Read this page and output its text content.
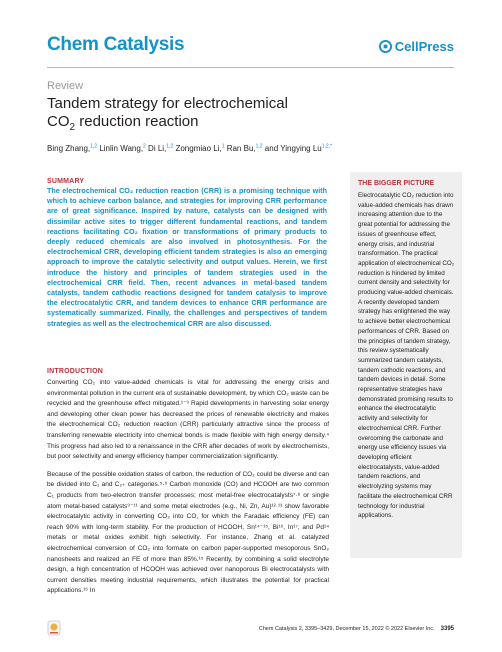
Chem Catalysis	CellPress
Review
Tandem strategy for electrochemical
$CO_2$ reduction reaction
Bing Zhang,$^{1,2}$ Linlin Wang,$^2$ Di Li,$^{1,2}$ Zongmiao Li,$^1$ Ran Bu,$^{1,2}$ and Yingying $Lu^{1,2,*}$
SUMMARY
The electrochemical CO₂ reduction reaction (CRR) is a promising technique with which to achieve carbon balance, and strategies for improving CRR performance are of great significance. Inspired by nature, catalysts can be designed with dissimilar active sites to trigger different fundamental reactions, and tandem reactions facilitating CO₂ fixation or transformations of primary products to deeply reduced chemicals are also involved in photosynthesis. For the electrochemical CRR, developing efficient tandem strategies is also an emerging approach to improve the catalytic selectivity and output values. Herein, we first introduce the history and principles of tandem strategies used in the electrochemical CRR field. Then, recent advances in metal-based tandem catalysts, tandem cathodic reactions designed for tandem catalysis to improve the electrocatalytic CRR, and tandem devices to enhance CRR performance are systematically summarized. Finally, the challenges and perspectives of tandem strategies as well as the electrochemical CRR are also discussed.
INTRODUCTION

Converting CO₂ into value-added chemicals is vital for addressing the energy crisis and environmental pollution in the current era of sustainable development, by which CO₂ waste can be recycled and the greenhouse effect mitigated.¹⁻³ Rapid developments in harvesting solar energy and developing other clean power has decreased the prices of renewable electricity and makes the electrochemical CO₂ reduction reaction (CRR) particularly attractive since the process of transferring renewable electricity into chemical bonds is made flexible with high energy density.⁴ This progress had also led to a renaissance in the CRR after decades of work by electrochemists, but poor selectivity and energy efficiency hamper commercialization significantly.

Because of the possible oxidation states of carbon, the reduction of CO₂ could be diverse and can be divided into C₁ and C₂₊ categories.⁵·⁶ Carbon monoxide (CO) and HCOOH are two common C₁ products from two-electron transfer processes; most metal-free electrocatalysts⁷·⁸ or single atom metal-based catalysts⁹⁻¹¹ and some metal electrodes (e.g., Ni, Zn, Au)¹²·¹³ show favorable electrocatalytic activity in converting CO₂ into CO, for which the Faradaic efficiency (FE) can reach 90% with long-term stability. For the production of HCOOH, Sn¹⁴⁻¹⁵, Bi¹⁶, In¹⁷, and Pd¹⁴ metals or metal oxides exhibit high selectivity. For instance, Zhang et al. catalyzed electrochemical conversion of CO₂ into formate on carbon paper-supported mesoporous SnO₂ nanosheets and realized an FE of more than 85%.¹⁵ Recently, by combining a solid electrolyte design, a high concentration of HCOOH was achieved over nanoporous Bi electrocatalysts with current densities meeting industrial requirements, which illustrates the potential for practical applications.¹⁶ In

THE BIGGER PICTURE
Electrocatalytic CO₂ reduction into value-added chemicals has drawn increasing attention due to the great potential for addressing the issues of greenhouse effect, energy crisis, and industrial transformation. The practical application of electrochemical CO₂ reduction is hindered by limited current density and selectivity for producing value-added chemicals. A recently developed tandem strategy has enlightened the way to achieve better electrochemical performances of CRR. Based on the principles of tandem strategy, this review systematically summarized tandem catalysts, tandem cathodic reactions, and tandem devices in detail. Some representative strategies have demonstrated promising results to enhance the electrocatalytic activity and selectivity for electrochemical CRR. Further overcoming the carbonate and energy use efficiency issues via developing efficient electrocatalysts, value-added tandem reactions, and electrolyzing systems may facilitate the electrochemical CRR technology for industrial applications.
Chem Catalysis 2, 3395–3429, December 15, 2022 © 2022 Elsevier Inc. 3395
